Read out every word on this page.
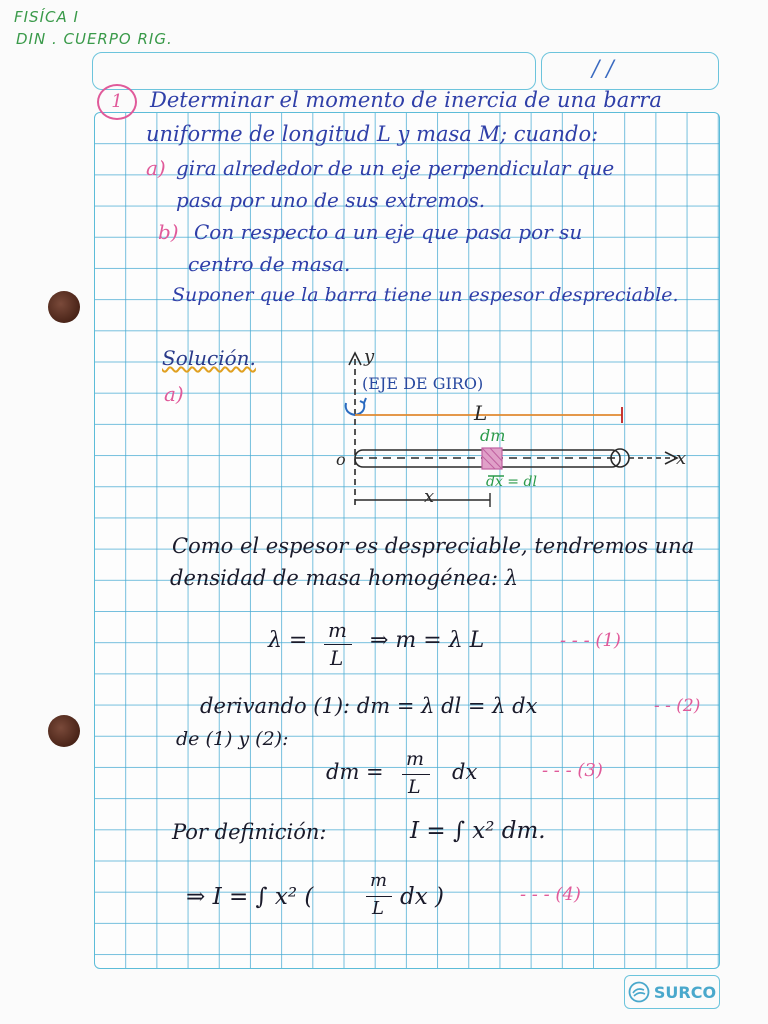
FISÍCA I
DIN . CUERPO RIG.
/ /
1	Determinar el momento de inercia de una barra
uniforme de longitud L y masa M; cuando:
a) gira alrededor de un eje perpendicular que
pasa por uno de sus extremos.
b) Con respecto a un eje que pasa por su
centro de masa.
Suponer que la barra tiene un espesor despreciable.
Solución.
a)
y
(EJE DE GIRO)
L
dm
o	x
dx = dl
x
Como el espesor es despreciable, tendremos una
densidad de masa homogénea: λ
λ = m
L
⇒ m = λ L	- - - (1)
derivando (1): dm = λ dl = λ dx	- - (2)
de (1) y (2):
dm =
m
L
dx	- - - (3)
Por definición:	I = ∫ x² dm.
⇒ I = ∫ x² (
m
L dx )	- - - (4)
SURCO
